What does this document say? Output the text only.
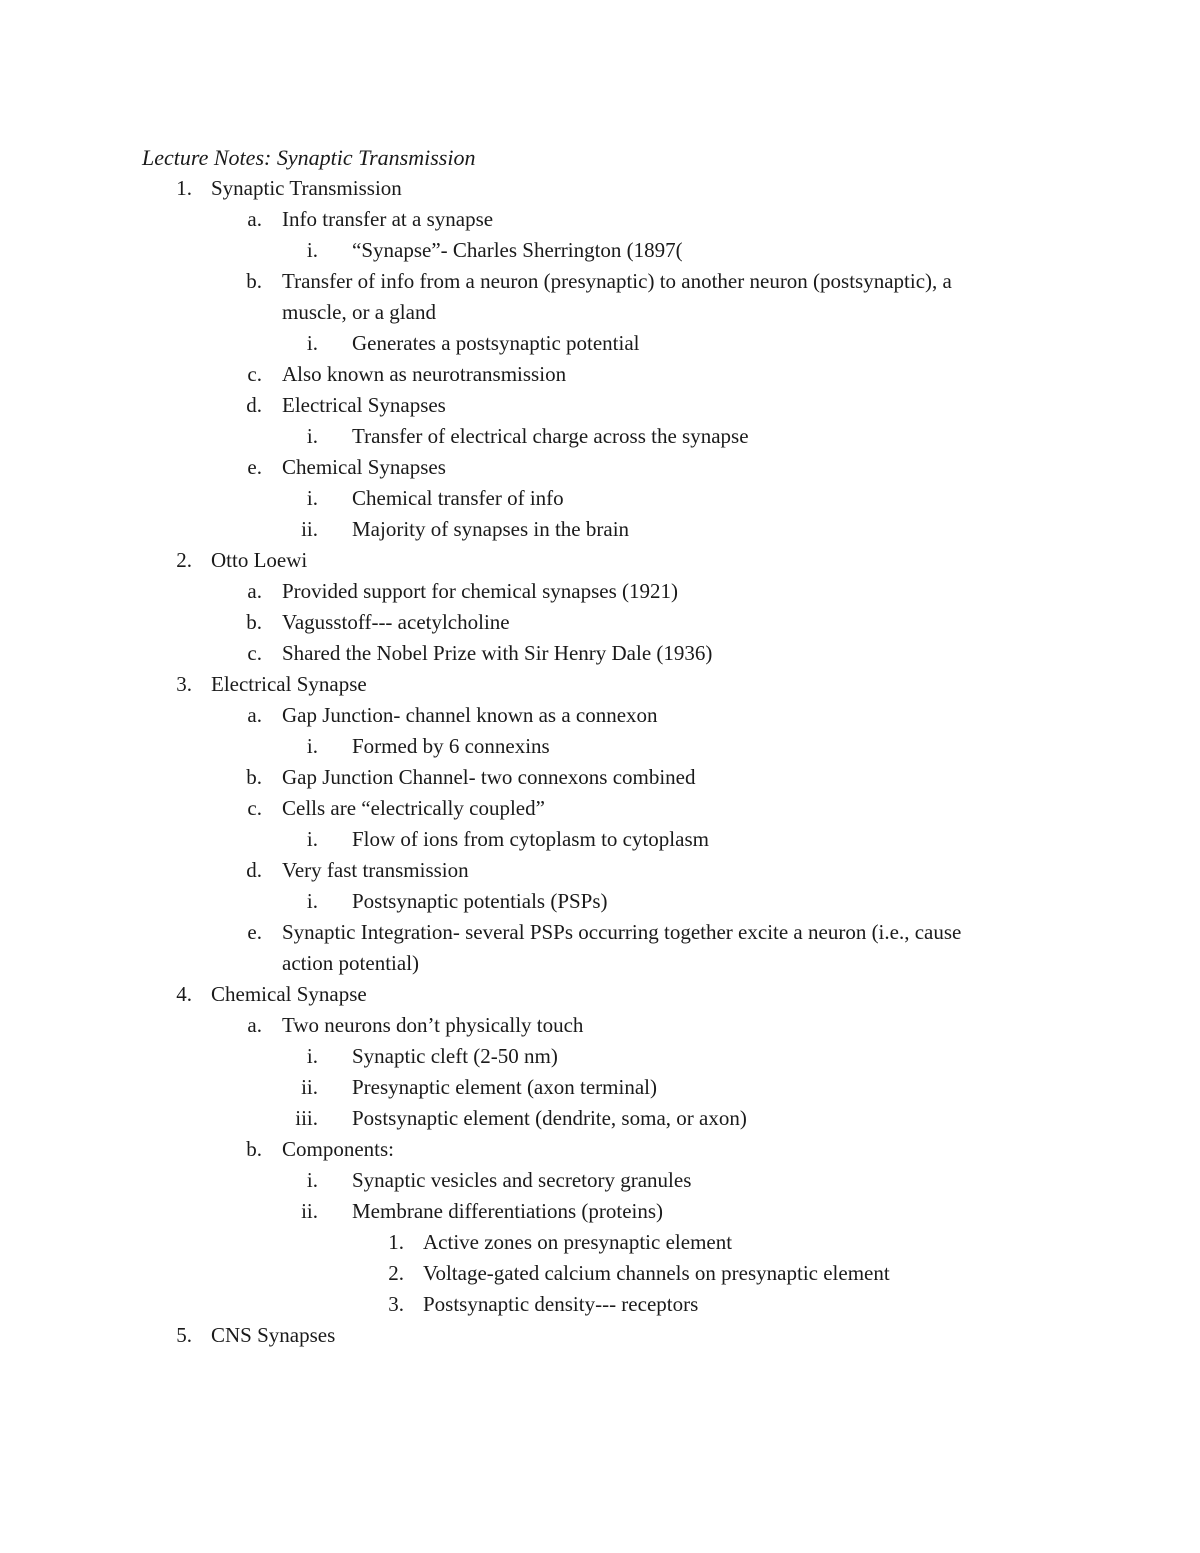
Lecture Notes: Synaptic Transmission
1. Synaptic Transmission
a. Info transfer at a synapse
i. “Synapse”- Charles Sherrington (1897(
b. Transfer of info from a neuron (presynaptic) to another neuron (postsynaptic), a
muscle, or a gland
i. Generates a postsynaptic potential
c. Also known as neurotransmission
d. Electrical Synapses
i. Transfer of electrical charge across the synapse
e. Chemical Synapses
i. Chemical transfer of info
ii. Majority of synapses in the brain
2. Otto Loewi
a. Provided support for chemical synapses (1921)
b. Vagusstoff--- acetylcholine
c. Shared the Nobel Prize with Sir Henry Dale (1936)
3. Electrical Synapse
a. Gap Junction- channel known as a connexon
i. Formed by 6 connexins
b. Gap Junction Channel- two connexons combined
c. Cells are “electrically coupled”
i. Flow of ions from cytoplasm to cytoplasm
d. Very fast transmission
i. Postsynaptic potentials (PSPs)
e. Synaptic Integration- several PSPs occurring together excite a neuron (i.e., cause
action potential)
4. Chemical Synapse
a. Two neurons don’t physically touch
i. Synaptic cleft (2-50 nm)
ii. Presynaptic element (axon terminal)
iii. Postsynaptic element (dendrite, soma, or axon)
b. Components:
i. Synaptic vesicles and secretory granules
ii. Membrane differentiations (proteins)
1. Active zones on presynaptic element
2. Voltage-gated calcium channels on presynaptic element
3. Postsynaptic density--- receptors
5. CNS Synapses
